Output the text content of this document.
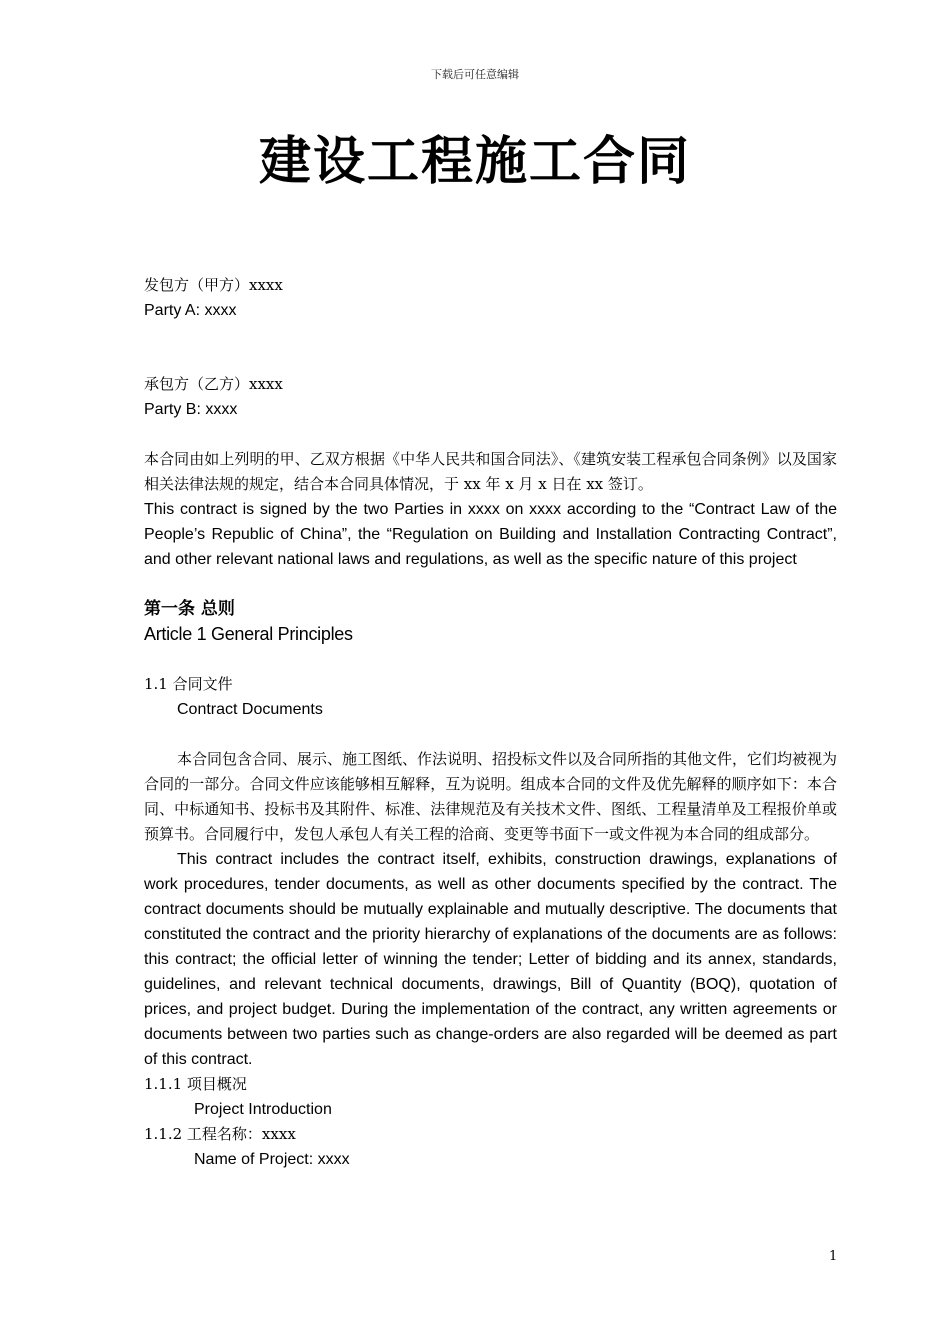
下载后可任意编辑
建设工程施工合同
发包方（甲方）xxxx
Party A: xxxx
承包方（乙方）xxxx
Party B: xxxx
本合同由如上列明的甲、乙双方根据《中华人民共和国合同法》、《建筑安装工程承包合同条例》以及国家相关法律法规的规定，结合本合同具体情况，于 xx 年 x 月 x 日在 xx 签订。
This contract is signed by the two Parties in xxxx on xxxx according to the “Contract Law of the People’s Republic of China”, the “Regulation on Building and Installation Contracting Contract”, and other relevant national laws and regulations, as well as the specific nature of this project
第一条 总则
Article 1 General Principles
1.1 合同文件
Contract Documents
本合同包含合同、展示、施工图纸、作法说明、招投标文件以及合同所指的其他文件，它们均被视为合同的一部分。合同文件应该能够相互解释，互为说明。组成本合同的文件及优先解释的顺序如下：本合同、中标通知书、投标书及其附件、标准、法律规范及有关技术文件、图纸、工程量清单及工程报价单或预算书。合同履行中，发包人承包人有关工程的洽商、变更等书面下一或文件视为本合同的组成部分。
This contract includes the contract itself, exhibits, construction drawings, explanations of work procedures, tender documents, as well as other documents specified by the contract. The contract documents should be mutually explainable and mutually descriptive. The documents that constituted the contract and the priority hierarchy of explanations of the documents are as follows: this contract; the official letter of winning the tender; Letter of bidding and its annex, standards, guidelines, and relevant technical documents, drawings, Bill of Quantity (BOQ), quotation of prices, and project budget. During the implementation of the contract, any written agreements or documents between two parties such as change-orders are also regarded will be deemed as part of this contract.
1.1.1 项目概况
Project Introduction
1.1.2 工程名称：xxxx
Name of Project: xxxx
1
